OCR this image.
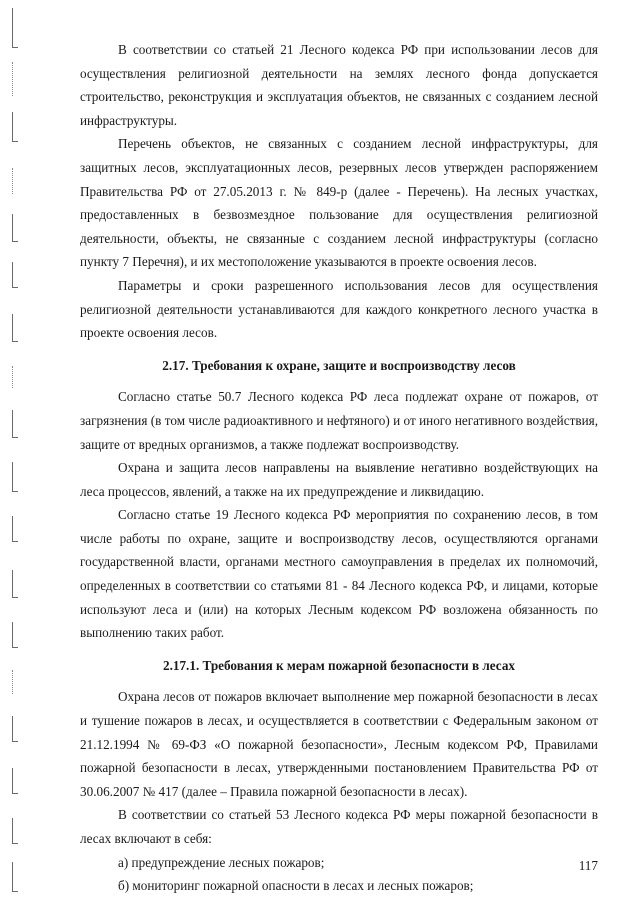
В соответствии со статьей 21 Лесного кодекса РФ при использовании лесов для осуществления религиозной деятельности на землях лесного фонда допускается строительство, реконструкция и эксплуатация объектов, не связанных с созданием лесной инфраструктуры.

Перечень объектов, не связанных с созданием лесной инфраструктуры, для защитных лесов, эксплуатационных лесов, резервных лесов утвержден распоряжением Правительства РФ от 27.05.2013 г. № 849-р (далее - Перечень). На лесных участках, предоставленных в безвозмездное пользование для осуществления религиозной деятельности, объекты, не связанные с созданием лесной инфраструктуры (согласно пункту 7 Перечня), и их местоположение указываются в проекте освоения лесов.

Параметры и сроки разрешенного использования лесов для осуществления религиозной деятельности устанавливаются для каждого конкретного лесного участка в проекте освоения лесов.

2.17. Требования к охране, защите и воспроизводству лесов

Согласно статье 50.7 Лесного кодекса РФ леса подлежат охране от пожаров, от загрязнения (в том числе радиоактивного и нефтяного) и от иного негативного воздействия, защите от вредных организмов, а также подлежат воспроизводству.

Охрана и защита лесов направлены на выявление негативно воздействующих на леса процессов, явлений, а также на их предупреждение и ликвидацию.

Согласно статье 19 Лесного кодекса РФ мероприятия по сохранению лесов, в том числе работы по охране, защите и воспроизводству лесов, осуществляются органами государственной власти, органами местного самоуправления в пределах их полномочий, определенных в соответствии со статьями 81 - 84 Лесного кодекса РФ, и лицами, которые используют леса и (или) на которых Лесным кодексом РФ возложена обязанность по выполнению таких работ.

2.17.1. Требования к мерам пожарной безопасности в лесах

Охрана лесов от пожаров включает выполнение мер пожарной безопасности в лесах и тушение пожаров в лесах, и осуществляется в соответствии с Федеральным законом от 21.12.1994 № 69-ФЗ «О пожарной безопасности», Лесным кодексом РФ, Правилами пожарной безопасности в лесах, утвержденными постановлением Правительства РФ от 30.06.2007 № 417 (далее – Правила пожарной безопасности в лесах).

В соответствии со статьей 53 Лесного кодекса РФ меры пожарной безопасности в лесах включают в себя:

а) предупреждение лесных пожаров;

б) мониторинг пожарной опасности в лесах и лесных пожаров;

117
